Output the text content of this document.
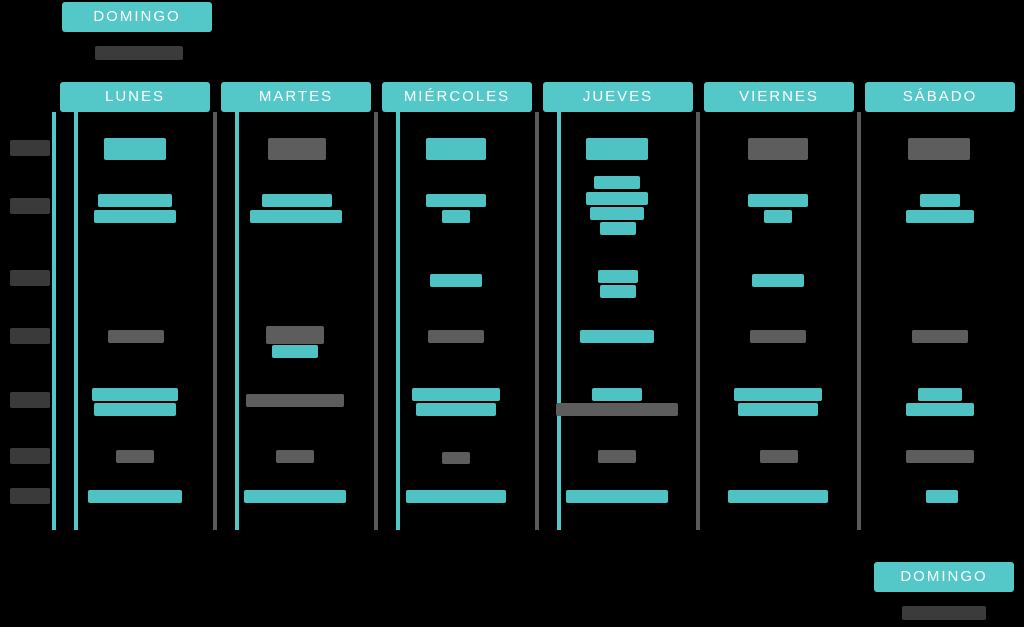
DOMINGO
LUNES	MARTES	MIÉRCOLES	JUEVES	VIERNES	SÁBADO
DOMINGO
